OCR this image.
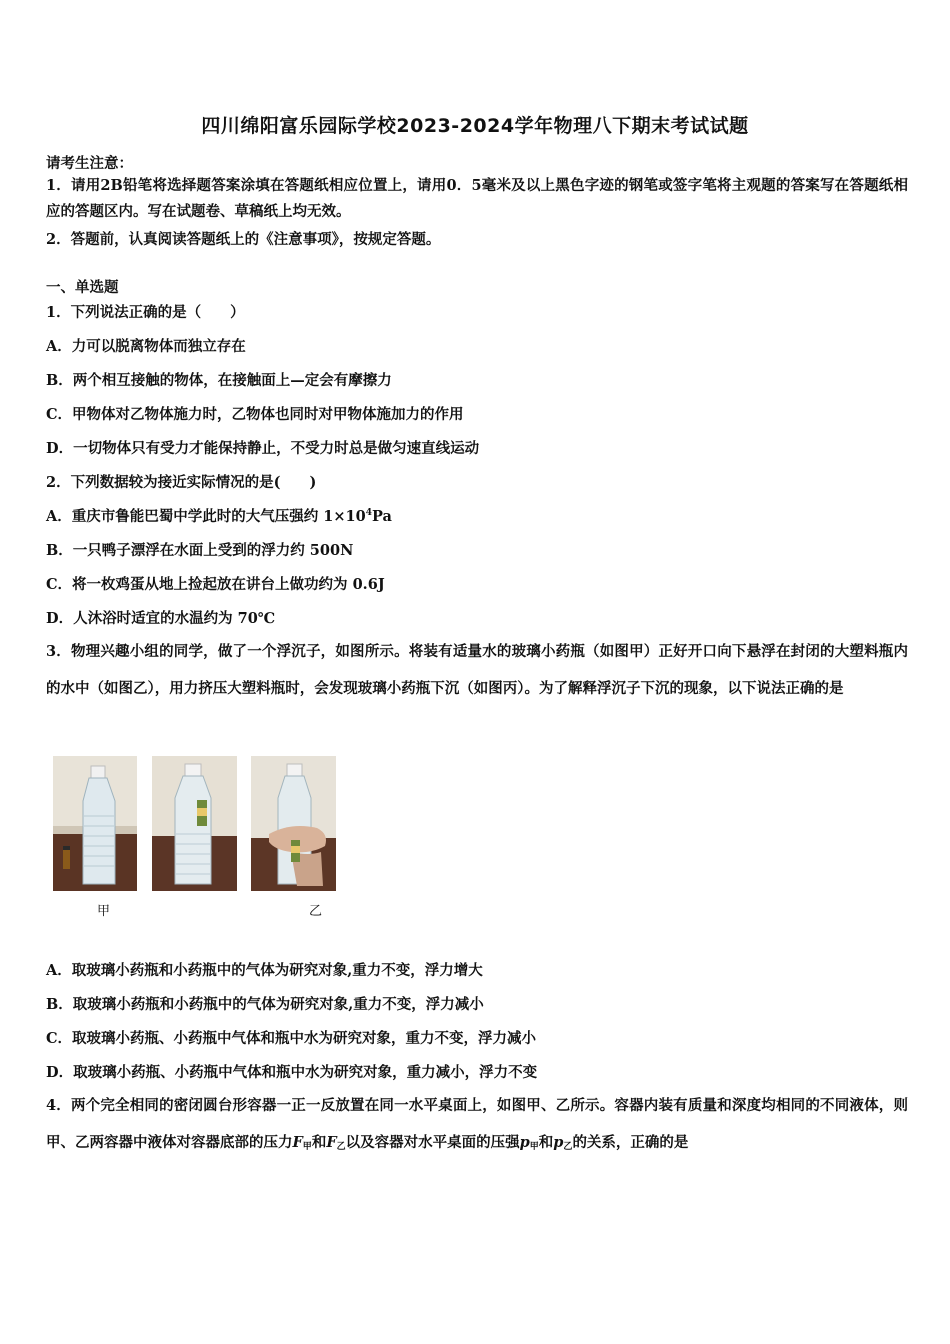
四川绵阳富乐园际学校2023-2024学年物理八下期末考试试题
请考生注意：
1．请用2B铅笔将选择题答案涂填在答题纸相应位置上，请用0．5毫米及以上黑色字迹的钢笔或签字笔将主观题的答案写在答题纸相应的答题区内。写在试题卷、草稿纸上均无效。
2．答题前，认真阅读答题纸上的《注意事项》，按规定答题。
一、单选题
1．下列说法正确的是（　　）
A．力可以脱离物体而独立存在
B．两个相互接触的物体，在接触面上—定会有摩擦力
C．甲物体对乙物体施力时，乙物体也同时对甲物体施加力的作用
D．一切物体只有受力才能保持静止，不受力时总是做匀速直线运动
2．下列数据较为接近实际情况的是(　　)
A．重庆市鲁能巴蜀中学此时的大气压强约 $1\times 10^4Pa$
B．一只鸭子漂浮在水面上受到的浮力约 500N
C．将一枚鸡蛋从地上捡起放在讲台上做功约为 0.6J
D．人沐浴时适宜的水温约为 70℃
3．物理兴趣小组的同学，做了一个浮沉子，如图所示。将装有适量水的玻璃小药瓶（如图甲）正好开口向下悬浮在封闭的大塑料瓶内的水中（如图乙），用力挤压大塑料瓶时，会发现玻璃小药瓶下沉（如图丙）。为了解释浮沉子下沉的现象，以下说法正确的是
甲	乙
A．取玻璃小药瓶和小药瓶中的气体为研究对象,重力不变，浮力增大
B．取玻璃小药瓶和小药瓶中的气体为研究对象,重力不变，浮力减小
C．取玻璃小药瓶、小药瓶中气体和瓶中水为研究对象，重力不变，浮力减小
D．取玻璃小药瓶、小药瓶中气体和瓶中水为研究对象，重力减小，浮力不变
4．两个完全相同的密闭圆台形容器一正一反放置在同一水平桌面上，如图甲、乙所示。容器内装有质量和深度均相同的不同液体，则甲、乙两容器中液体对容器底部的压力$F_甲$和$F_乙$以及容器对水平桌面的压强$p_甲$和$p_乙$的关系，正确的是
